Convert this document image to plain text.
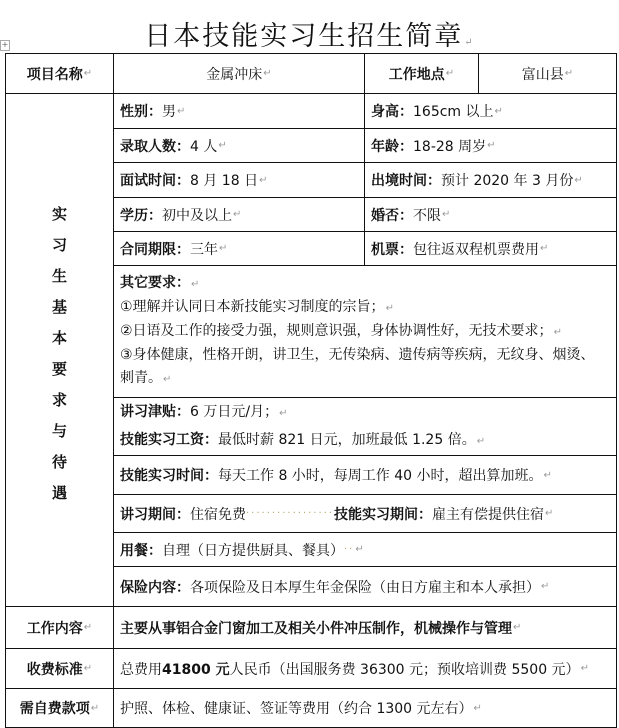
日本技能实习生招生简章↵
+
项目名称 ↵	金属冲床 ↵	工作地点 ↵	富山县 ↵
实
习
生
基
本
要
求
与
待
遇
性别： 男 ↵	身高： 165cm 以上 ↵
录取人数： 4 人 ↵	年龄： 18-28 周岁 ↵
面试时间： 8 月 18 日 ↵	出境时间： 预计 2020 年 3 月份 ↵
学历： 初中及以上 ↵	婚否： 不限 ↵
合同期限： 三年 ↵	机票： 包往返双程机票费用 ↵
其它要求：↵
①理解并认同日本新技能实习制度的宗旨；↵
②日语及工作的接受力强，规则意识强，身体协调性好，无技术要求；↵
③身体健康，性格开朗，讲卫生，无传染病、遗传病等疾病，无纹身、烟烫、
刺青。↵
讲习津贴：6 万日元/月；↵
技能实习工资：最低时薪 821 日元，加班最低 1.25 倍。↵
技能实习时间： 每天工作 8 小时，每周工作 40 小时，超出算加班。 ↵
讲习期间： 住宿免费 ················· 技能实习期间： 雇主有偿提供住宿 ↵
用餐： 自理（日方提供厨具、餐具） ·· ↵
保险内容： 各项保险及日本厚生年金保险（由日方雇主和本人承担） ↵
工作内容 ↵ 主要从事铝合金门窗加工及相关小件冲压制作，机械操作与管理 ↵
收费标准 ↵ 总费用 41800 元 人民币（出国服务费 36300 元；预收培训费 5500 元） ↵
需自费款项 ↵ 护照、体检、健康证、签证等费用（约合 1300 元左右） ↵
